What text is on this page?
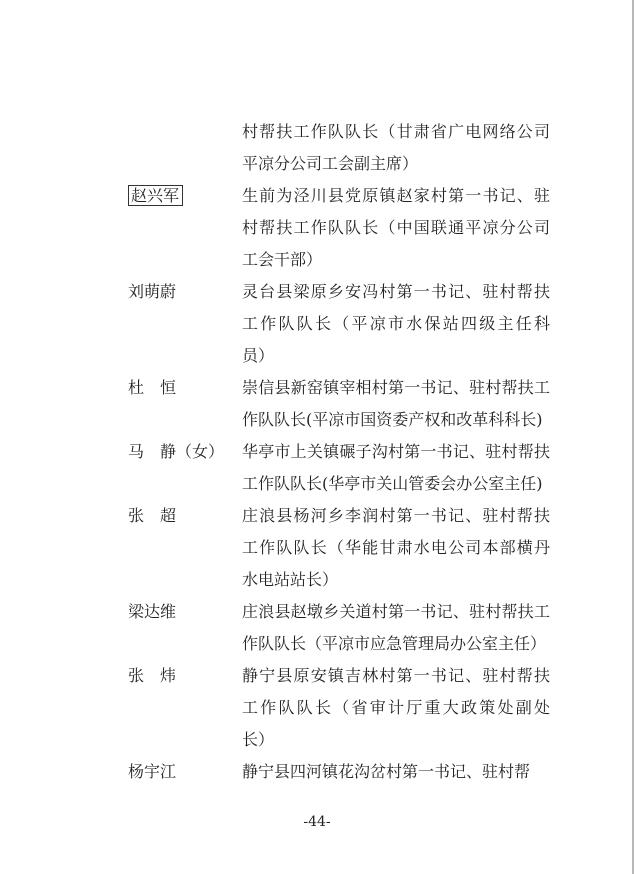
村帮扶工作队队长（甘肃省广电网络公司
平凉分公司工会副主席）
赵兴军	生前为泾川县党原镇赵家村第一书记、驻
村帮扶工作队队长（中国联通平凉分公司
工会干部）
刘萌蔚	灵台县梁原乡安冯村第一书记、驻村帮扶
工作队队长（平凉市水保站四级主任科
员）
杜　恒	崇信县新窑镇宰相村第一书记、驻村帮扶工
作队队长(平凉市国资委产权和改革科科长)
马　静（女） 华亭市上关镇碾子沟村第一书记、驻村帮扶
工作队队长(华亭市关山管委会办公室主任)
张　超	庄浪县杨河乡李润村第一书记、驻村帮扶
工作队队长（华能甘肃水电公司本部横丹
水电站站长）
梁达维	庄浪县赵墩乡关道村第一书记、驻村帮扶工
作队队长（平凉市应急管理局办公室主任）
张　炜	静宁县原安镇吉林村第一书记、驻村帮扶
工作队队长（省审计厅重大政策处副处
长）
杨宇江	静宁县四河镇花沟岔村第一书记、驻村帮
-44-
